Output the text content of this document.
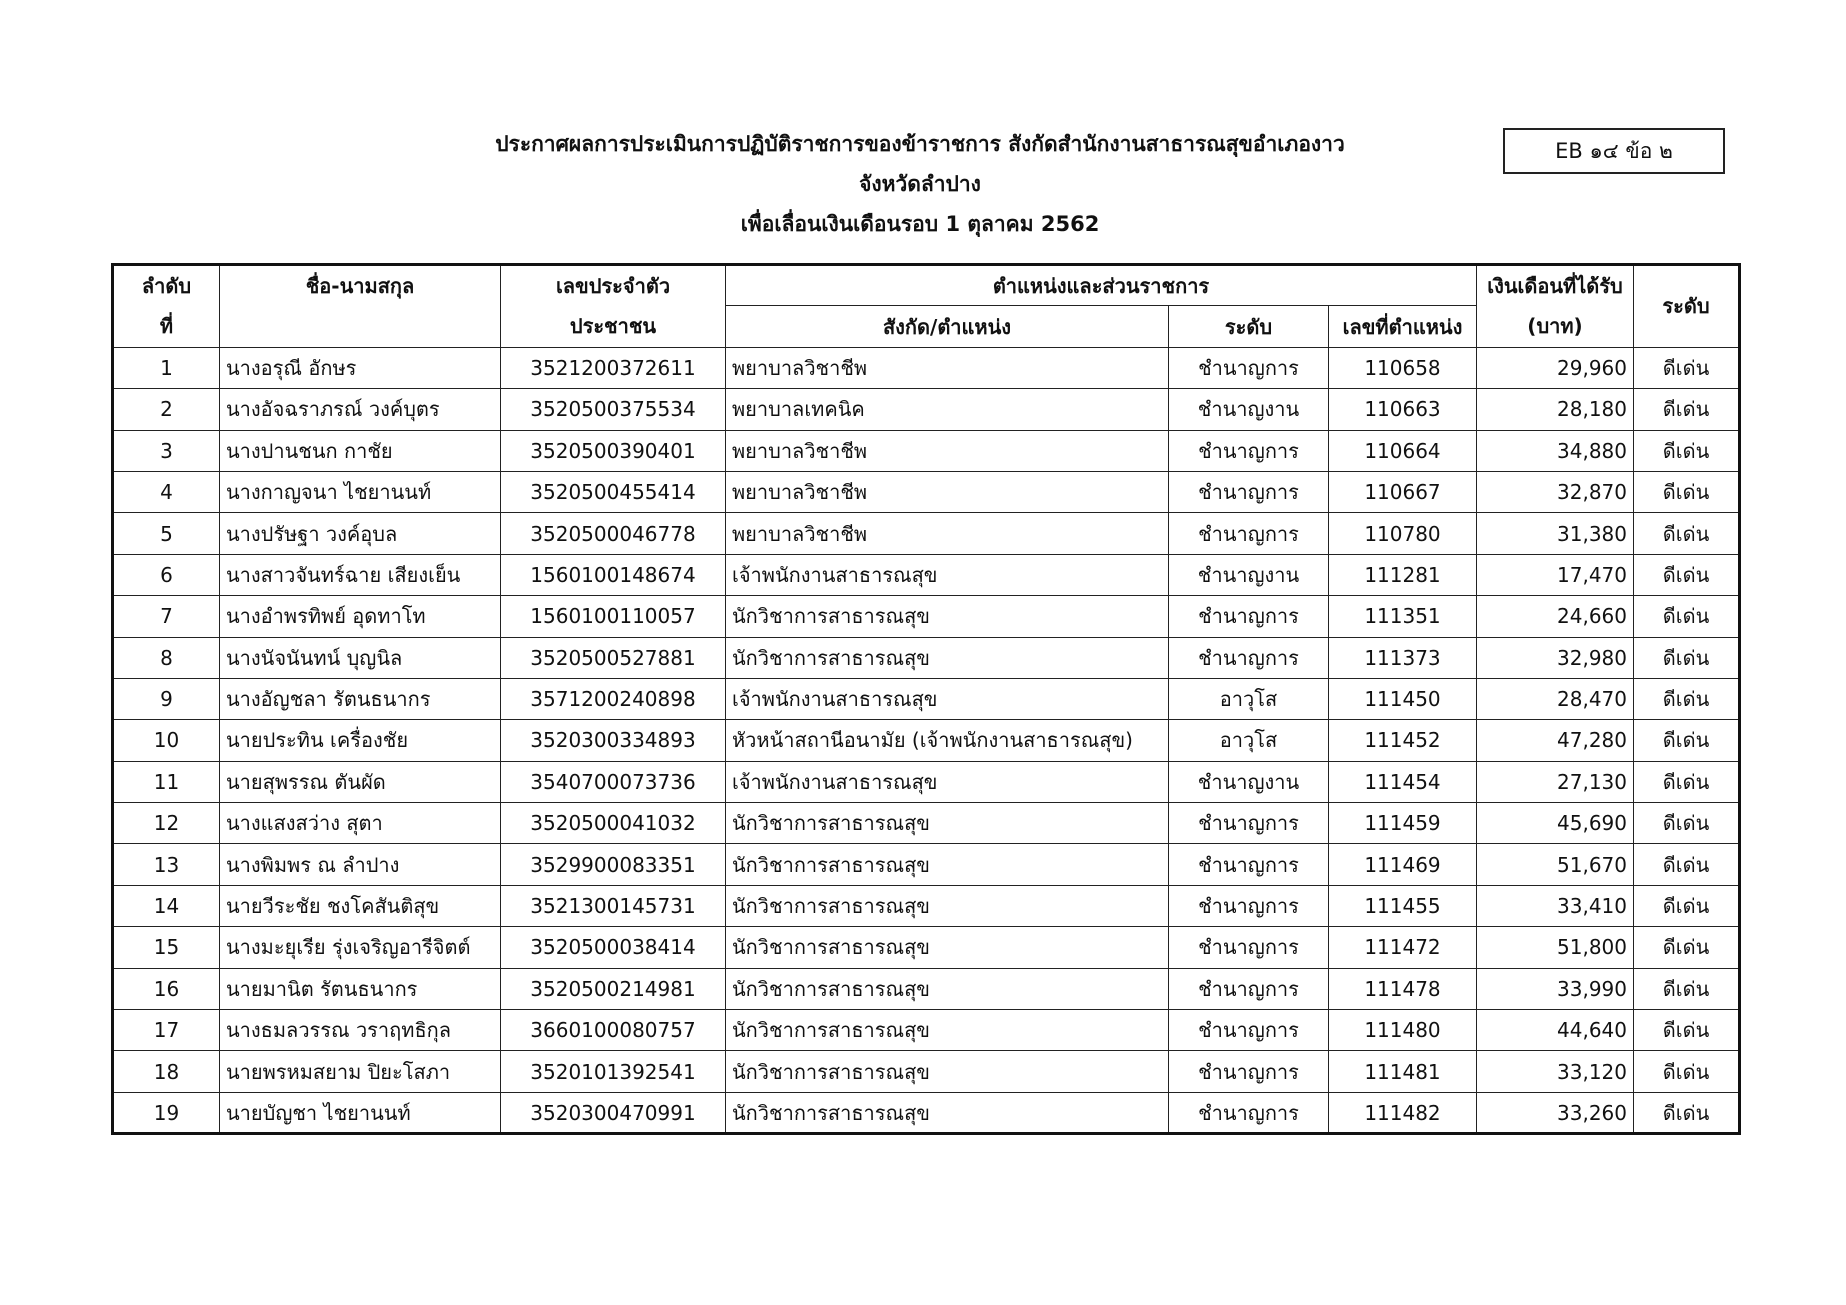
ประกาศผลการประเมินการปฏิบัติราชการของข้าราชการ สังกัดสำนักงานสาธารณสุขอำเภองาว
จังหวัดลำปาง
เพื่อเลื่อนเงินเดือนรอบ 1 ตุลาคม 2562
EB ๑๔ ข้อ ๒
ลำดับ	ชื่อ-นามสกุล	เลขประจำตัว	ตำแหน่งและส่วนราชการ			เงินเดือนที่ได้รับ	ระดับ
ที่		ประชาชน	สังกัด/ตำแหน่ง	ระดับ	เลขที่ตำแหน่ง	(บาท)	
1	นางอรุณี อักษร	3521200372611	พยาบาลวิชาชีพ	ชำนาญการ	110658	29,960	ดีเด่น
2	นางอัจฉราภรณ์ วงค์บุตร	3520500375534	พยาบาลเทคนิค	ชำนาญงาน	110663	28,180	ดีเด่น
3	นางปานชนก กาชัย	3520500390401	พยาบาลวิชาชีพ	ชำนาญการ	110664	34,880	ดีเด่น
4	นางกาญจนา ไชยานนท์	3520500455414	พยาบาลวิชาชีพ	ชำนาญการ	110667	32,870	ดีเด่น
5	นางปรัษฐา วงค์อุบล	3520500046778	พยาบาลวิชาชีพ	ชำนาญการ	110780	31,380	ดีเด่น
6	นางสาวจันทร์ฉาย เสียงเย็น	1560100148674	เจ้าพนักงานสาธารณสุข	ชำนาญงาน	111281	17,470	ดีเด่น
7	นางอำพรทิพย์ อุดทาโท	1560100110057	นักวิชาการสาธารณสุข	ชำนาญการ	111351	24,660	ดีเด่น
8	นางนัจนันทน์ บุญนิล	3520500527881	นักวิชาการสาธารณสุข	ชำนาญการ	111373	32,980	ดีเด่น
9	นางอัญชลา รัตนธนากร	3571200240898	เจ้าพนักงานสาธารณสุข	อาวุโส	111450	28,470	ดีเด่น
10	นายประทิน เครื่องชัย	3520300334893	หัวหน้าสถานีอนามัย (เจ้าพนักงานสาธารณสุข)	อาวุโส	111452	47,280	ดีเด่น
11	นายสุพรรณ ตันผัด	3540700073736	เจ้าพนักงานสาธารณสุข	ชำนาญงาน	111454	27,130	ดีเด่น
12	นางแสงสว่าง สุตา	3520500041032	นักวิชาการสาธารณสุข	ชำนาญการ	111459	45,690	ดีเด่น
13	นางพิมพร ณ ลำปาง	3529900083351	นักวิชาการสาธารณสุข	ชำนาญการ	111469	51,670	ดีเด่น
14	นายวีระชัย ชงโคสันติสุข	3521300145731	นักวิชาการสาธารณสุข	ชำนาญการ	111455	33,410	ดีเด่น
15	นางมะยุเรีย รุ่งเจริญอารีจิตต์	3520500038414	นักวิชาการสาธารณสุข	ชำนาญการ	111472	51,800	ดีเด่น
16	นายมานิต รัตนธนากร	3520500214981	นักวิชาการสาธารณสุข	ชำนาญการ	111478	33,990	ดีเด่น
17	นางธมลวรรณ วราฤทธิกุล	3660100080757	นักวิชาการสาธารณสุข	ชำนาญการ	111480	44,640	ดีเด่น
18	นายพรหมสยาม ปิยะโสภา	3520101392541	นักวิชาการสาธารณสุข	ชำนาญการ	111481	33,120	ดีเด่น
19	นายบัญชา ไชยานนท์	3520300470991	นักวิชาการสาธารณสุข	ชำนาญการ	111482	33,260	ดีเด่น
